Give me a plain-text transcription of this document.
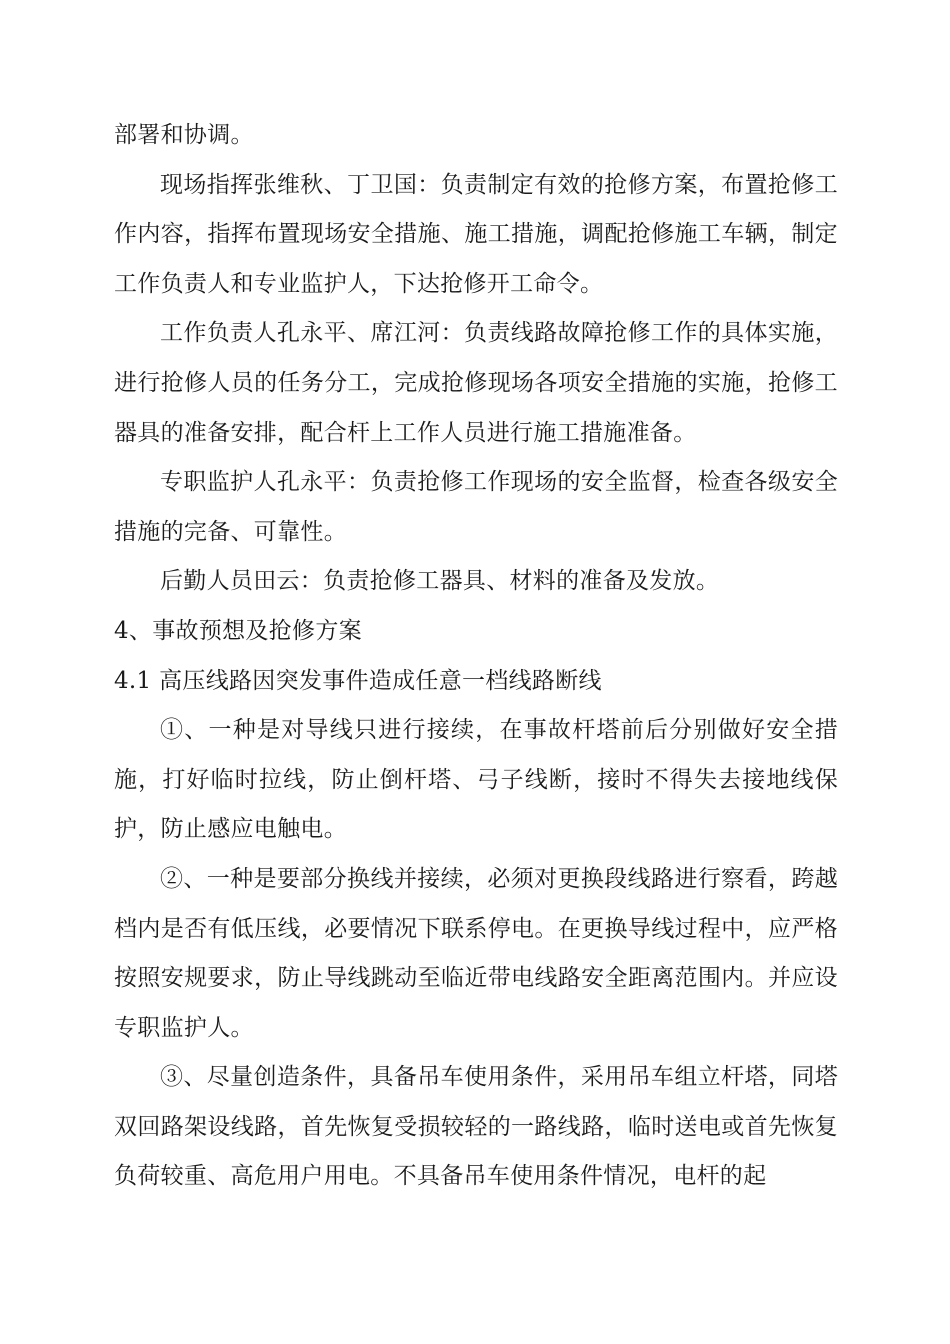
部署和协调。

现场指挥张维秋、丁卫国：负责制定有效的抢修方案，布置抢修工作内容，指挥布置现场安全措施、施工措施，调配抢修施工车辆，制定工作负责人和专业监护人，下达抢修开工命令。

工作负责人孔永平、席江河：负责线路故障抢修工作的具体实施，进行抢修人员的任务分工，完成抢修现场各项安全措施的实施，抢修工器具的准备安排，配合杆上工作人员进行施工措施准备。

专职监护人孔永平：负责抢修工作现场的安全监督，检查各级安全措施的完备、可靠性。

后勤人员田云：负责抢修工器具、材料的准备及发放。

4、事故预想及抢修方案

4.1 高压线路因突发事件造成任意一档线路断线

①、一种是对导线只进行接续，在事故杆塔前后分别做好安全措施，打好临时拉线，防止倒杆塔、弓子线断，接时不得失去接地线保护，防止感应电触电。

②、一种是要部分换线并接续，必须对更换段线路进行察看，跨越档内是否有低压线，必要情况下联系停电。在更换导线过程中，应严格按照安规要求，防止导线跳动至临近带电线路安全距离范围内。并应设专职监护人。

③、尽量创造条件，具备吊车使用条件，采用吊车组立杆塔，同塔双回路架设线路，首先恢复受损较轻的一路线路，临时送电或首先恢复负荷较重、高危用户用电。不具备吊车使用条件情况，电杆的起
